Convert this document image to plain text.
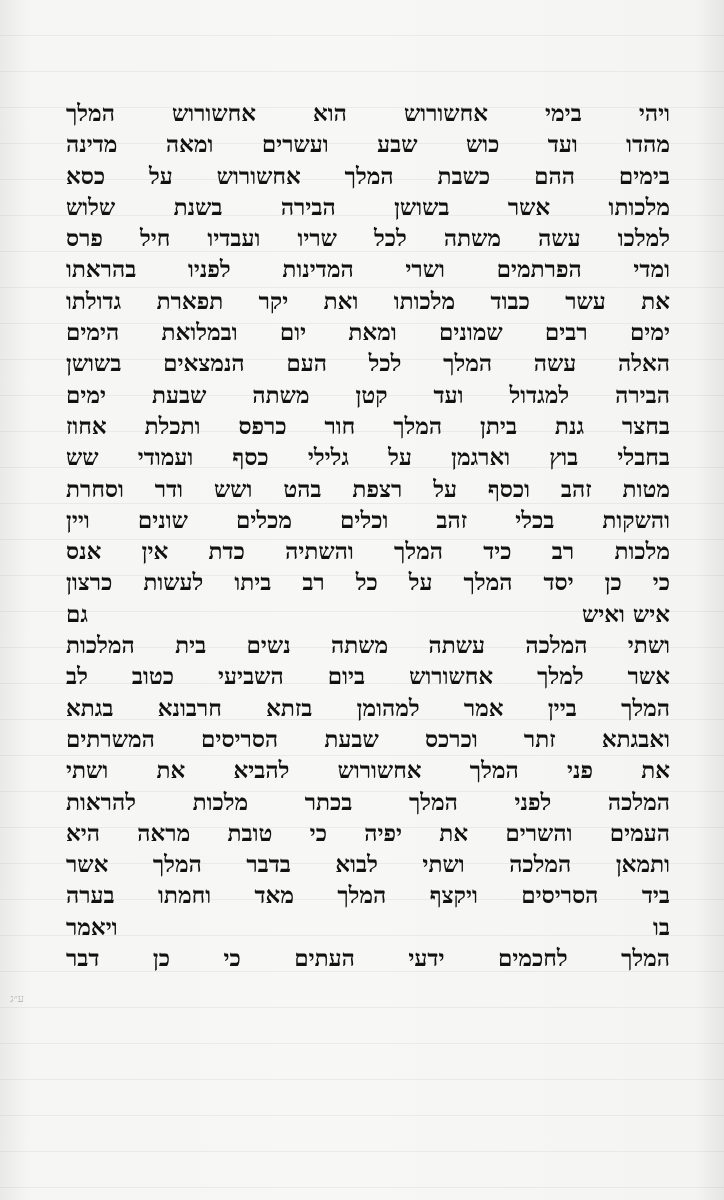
ע״ג
ויהי בימי אחשורוש הוא אחשורוש המלך
מהדו ועד כוש שבע ועשרים ומאה מדינה
בימים ההם כשבת המלך אחשורוש על כסא
מלכותו אשר בשושן הבירה בשנת שלוש
למלכו עשה משתה לכל שריו ועבדיו חיל פרס
ומדי הפרתמים ושרי המדינות לפניו בהראתו
את עשר כבוד מלכותו ואת יקר תפארת גדולתו
ימים רבים שמונים ומאת יום ובמלואת הימים
האלה עשה המלך לכל העם הנמצאים בשושן
הבירה למגדול ועד קטן משתה שבעת ימים
בחצר גנת ביתן המלך חור כרפס ותכלת אחוז
בחבלי בוץ וארגמן על גלילי כסף ועמודי שש
מטות זהב וכסף על רצפת בהט ושש ודר וסחרת
והשקות בכלי זהב וכלים מכלים שונים ויין
מלכות רב כיד המלך והשתיה כדת אין אנס
כי כן יסד המלך על כל רב ביתו לעשות כרצון
איש ואיש
גם
ושתי המלכה עשתה משתה נשים בית המלכות
אשר למלך אחשורוש ביום השביעי כטוב לב
המלך ביין אמר למהומן בזתא חרבונא בגתא
ואבגתא זתר וכרכס שבעת הסריסים המשרתים
את פני המלך אחשורוש להביא את ושתי
המלכה לפני המלך בכתר מלכות להראות
העמים והשרים את יפיה כי טובת מראה היא
ותמאן המלכה ושתי לבוא בדבר המלך אשר
ביד הסריסים ויקצף המלך מאד וחמתו בערה
בו
ויאמר
המלך לחכמים ידעי העתים כי כן דבר
